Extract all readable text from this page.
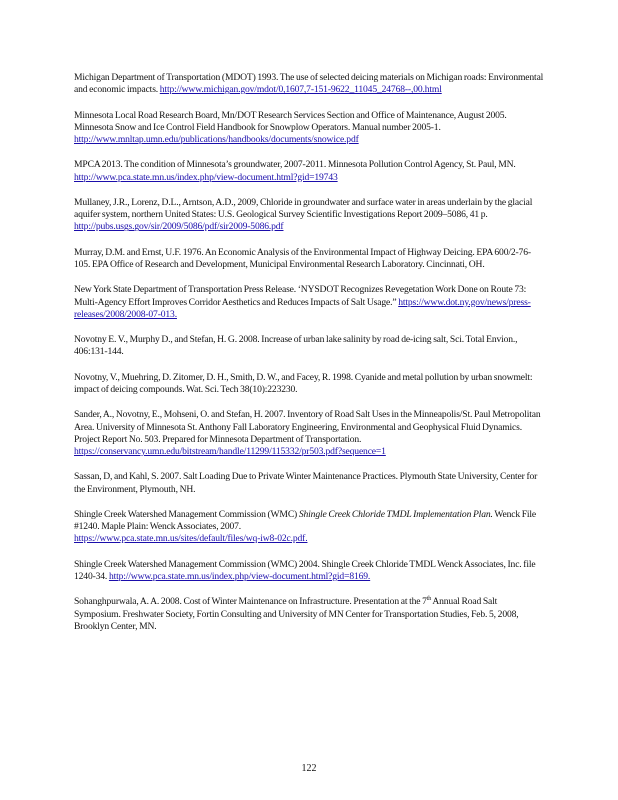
Michigan Department of Transportation (MDOT) 1993. The use of selected deicing materials on Michigan roads: Environmental and economic impacts. http://www.michigan.gov/mdot/0,1607,7-151-9622_11045_24768--,00.html

Minnesota Local Road Research Board, Mn/DOT Research Services Section and Office of Maintenance, August 2005. Minnesota Snow and Ice Control Field Handbook for Snowplow Operators. Manual number 2005-1. http://www.mnltap.umn.edu/publications/handbooks/documents/snowice.pdf

MPCA 2013. The condition of Minnesota’s groundwater, 2007-2011. Minnesota Pollution Control Agency, St. Paul, MN. http://www.pca.state.mn.us/index.php/view-document.html?gid=19743

Mullaney, J.R., Lorenz, D.L., Arntson, A.D., 2009, Chloride in groundwater and surface water in areas underlain by the glacial aquifer system, northern United States: U.S. Geological Survey Scientific Investigations Report 2009–5086, 41 p. http://pubs.usgs.gov/sir/2009/5086/pdf/sir2009-5086.pdf

Murray, D.M. and Ernst, U.F. 1976. An Economic Analysis of the Environmental Impact of Highway Deicing. EPA 600/2-76-105. EPA Office of Research and Development, Municipal Environmental Research Laboratory. Cincinnati, OH.

New York State Department of Transportation Press Release. ‘NYSDOT Recognizes Revegetation Work Done on Route 73: Multi-Agency Effort Improves Corridor Aesthetics and Reduces Impacts of Salt Usage.” https://www.dot.ny.gov/news/press-releases/2008/2008-07-013.

Novotny E. V., Murphy D., and Stefan, H. G. 2008. Increase of urban lake salinity by road de-icing salt, Sci. Total Envion., 406:131-144.

Novotny, V., Muehring, D. Zitomer, D. H., Smith, D. W., and Facey, R. 1998. Cyanide and metal pollution by urban snowmelt: impact of deicing compounds. Wat. Sci. Tech 38(10):223230.

Sander, A., Novotny, E., Mohseni, O. and Stefan, H. 2007. Inventory of Road Salt Uses in the Minneapolis/St. Paul Metropolitan Area. University of Minnesota St. Anthony Fall Laboratory Engineering, Environmental and Geophysical Fluid Dynamics. Project Report No. 503. Prepared for Minnesota Department of Transportation.
https://conservancy.umn.edu/bitstream/handle/11299/115332/pr503.pdf?sequence=1

Sassan, D, and Kahl, S. 2007. Salt Loading Due to Private Winter Maintenance Practices. Plymouth State University, Center for the Environment, Plymouth, NH.

Shingle Creek Watershed Management Commission (WMC) Shingle Creek Chloride TMDL Implementation Plan. Wenck File #1240. Maple Plain: Wenck Associates, 2007.
https://www.pca.state.mn.us/sites/default/files/wq-iw8-02c.pdf.

Shingle Creek Watershed Management Commission (WMC) 2004. Shingle Creek Chloride TMDL Wenck Associates, Inc. file 1240-34. http://www.pca.state.mn.us/index.php/view-document.html?gid=8169.

Sohanghpurwala, A. A. 2008. Cost of Winter Maintenance on Infrastructure. Presentation at the 7th Annual Road Salt Symposium. Freshwater Society, Fortin Consulting and University of MN Center for Transportation Studies, Feb. 5, 2008, Brooklyn Center, MN.

122
